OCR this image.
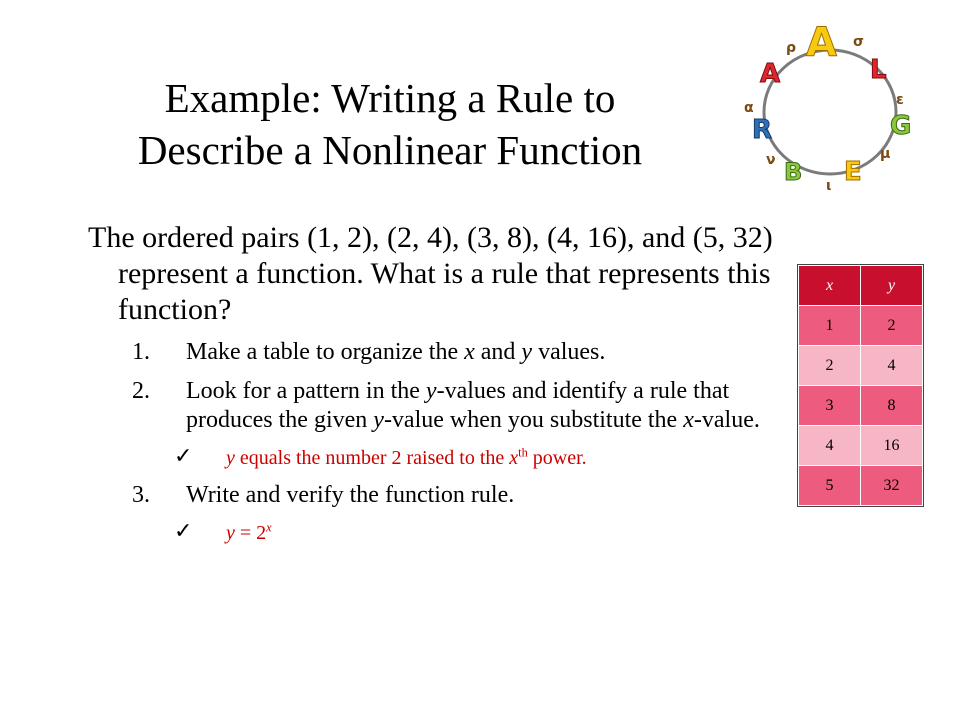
A
L
G
E
B
R
A
ρ	σ
ε
μ
ι
ν
α
Example: Writing a Rule to
Describe a Nonlinear Function

The ordered pairs (1, 2), (2, 4), (3, 8), (4, 16), and (5, 32) represent a function. What is a rule that represents this function?

1. Make a table to organize the x and y values.
2. Look for a pattern in the y-values and identify a rule that produces the given y-value when you substitute the x-value.
✓ y equals the number 2 raised to the $x^{th}$ power.
3. Write and verify the function rule.
✓ $y = 2^x$
x	y
1	2
2	4
3	8
4	16
5	32
